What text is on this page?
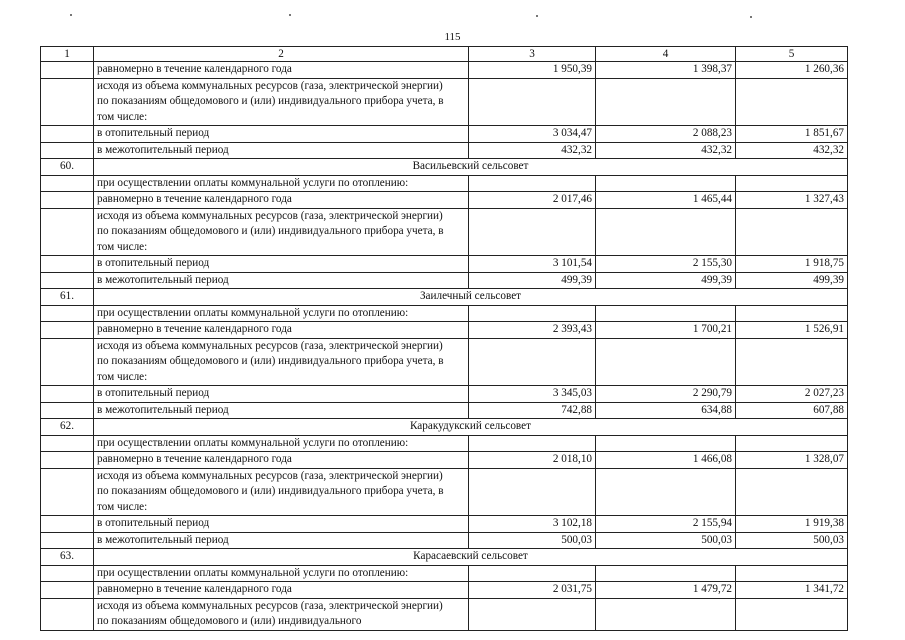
115
1	2	3	4	5
	равномерно в течение календарного года	1 950,39	1 398,37	1 260,36
	исходя из объема коммунальных ресурсов (газа, электрической энергии) по показаниям общедомового и (или) индивидуального прибора учета, в том числе:			
	в отопительный период	3 034,47	2 088,23	1 851,67
	в межотопительный период	432,32	432,32	432,32
60.	Васильевский сельсовет			
	при осуществлении оплаты коммунальной услуги по отоплению:			
	равномерно в течение календарного года	2 017,46	1 465,44	1 327,43
	исходя из объема коммунальных ресурсов (газа, электрической энергии) по показаниям общедомового и (или) индивидуального прибора учета, в том числе:			
	в отопительный период	3 101,54	2 155,30	1 918,75
	в межотопительный период	499,39	499,39	499,39
61.	Заилечный сельсовет			
	при осуществлении оплаты коммунальной услуги по отоплению:			
	равномерно в течение календарного года	2 393,43	1 700,21	1 526,91
	исходя из объема коммунальных ресурсов (газа, электрической энергии) по показаниям общедомового и (или) индивидуального прибора учета, в том числе:			
	в отопительный период	3 345,03	2 290,79	2 027,23
	в межотопительный период	742,88	634,88	607,88
62.	Каракудукский сельсовет			
	при осуществлении оплаты коммунальной услуги по отоплению:			
	равномерно в течение календарного года	2 018,10	1 466,08	1 328,07
	исходя из объема коммунальных ресурсов (газа, электрической энергии) по показаниям общедомового и (или) индивидуального прибора учета, в том числе:			
	в отопительный период	3 102,18	2 155,94	1 919,38
	в межотопительный период	500,03	500,03	500,03
63.	Карасаевский сельсовет			
	при осуществлении оплаты коммунальной услуги по отоплению:			
	равномерно в течение календарного года	2 031,75	1 479,72	1 341,72
	исходя из объема коммунальных ресурсов (газа, электрической энергии) по показаниям общедомового и (или) индивидуального			
